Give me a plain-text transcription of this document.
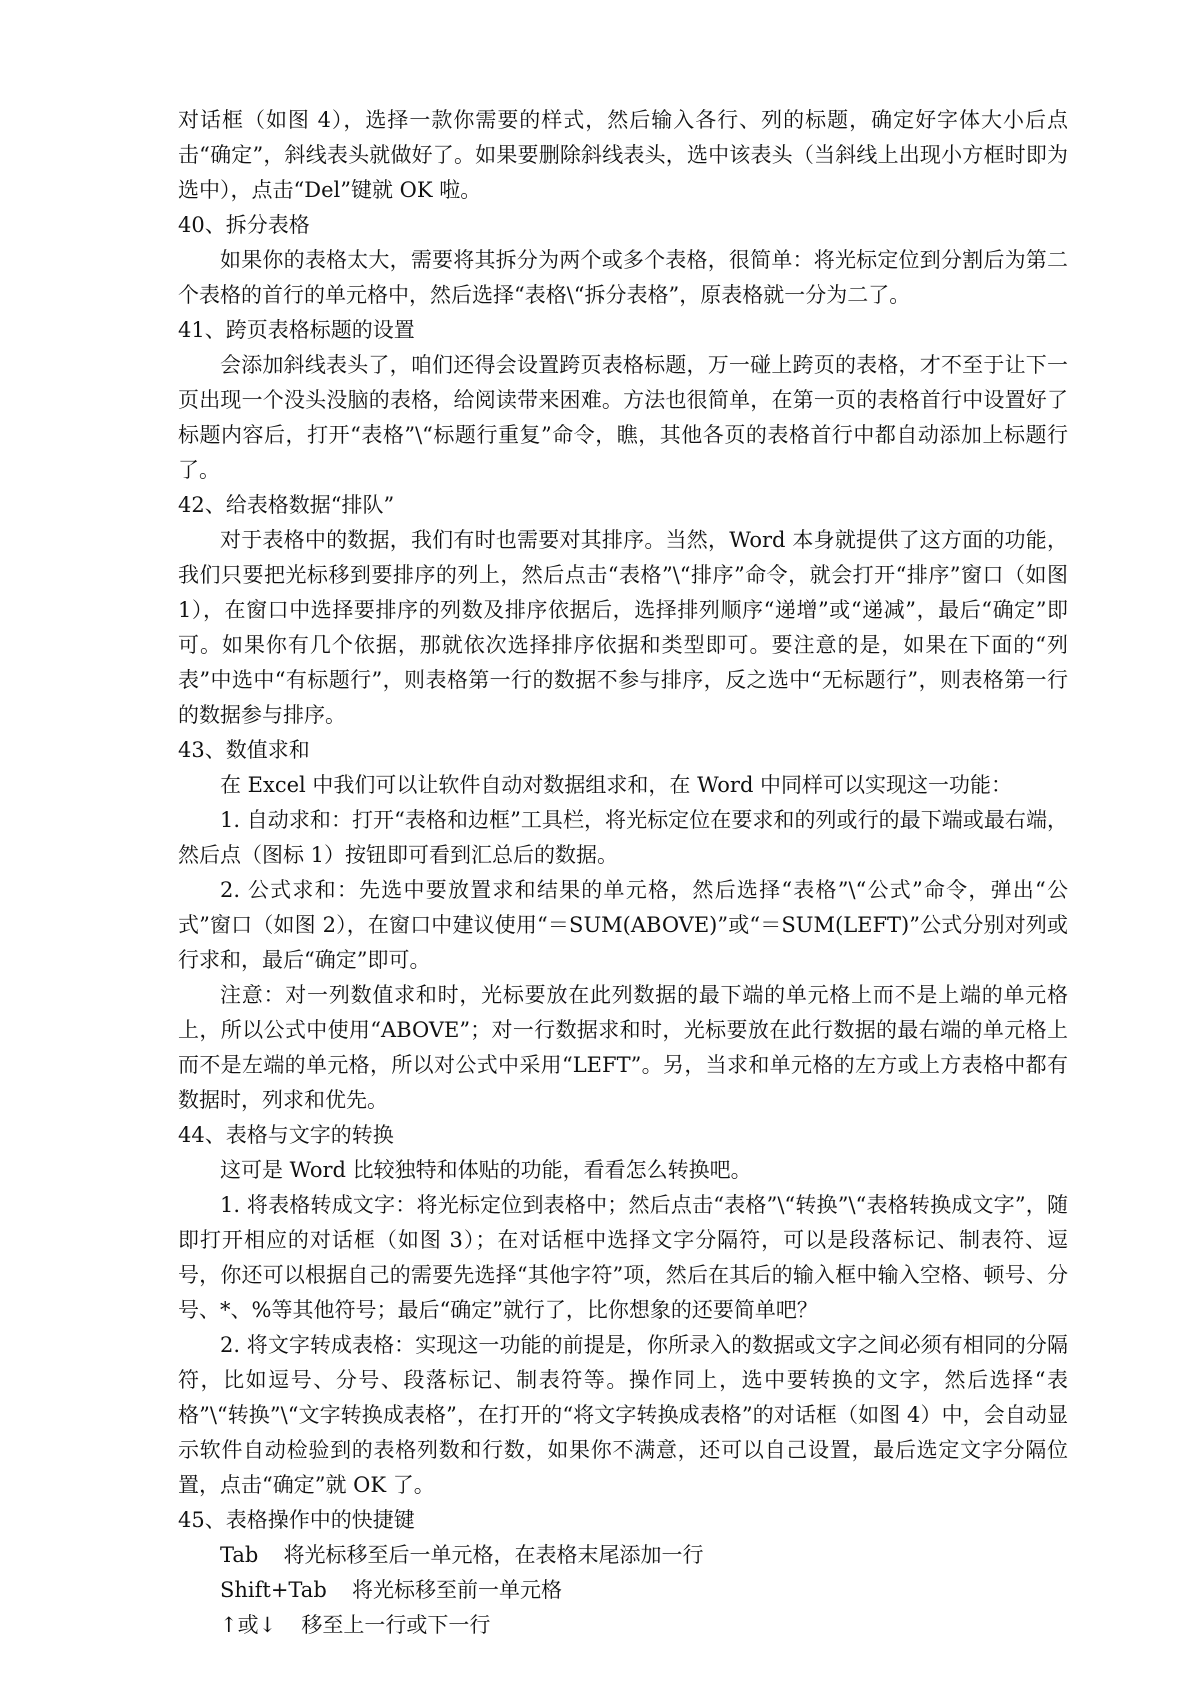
对话框（如图 4），选择一款你需要的样式，然后输入各行、列的标题，确定好字体大小后点击“确定”，斜线表头就做好了。如果要删除斜线表头，选中该表头（当斜线上出现小方框时即为选中），点击“Del”键就 OK 啦。

40、拆分表格

如果你的表格太大，需要将其拆分为两个或多个表格，很简单：将光标定位到分割后为第二个表格的首行的单元格中，然后选择“表格\“拆分表格”，原表格就一分为二了。

41、跨页表格标题的设置

会添加斜线表头了，咱们还得会设置跨页表格标题，万一碰上跨页的表格，才不至于让下一页出现一个没头没脑的表格，给阅读带来困难。方法也很简单，在第一页的表格首行中设置好了标题内容后，打开“表格”\“标题行重复”命令，瞧，其他各页的表格首行中都自动添加上标题行了。

42、给表格数据“排队”

对于表格中的数据，我们有时也需要对其排序。当然，Word 本身就提供了这方面的功能，我们只要把光标移到要排序的列上，然后点击“表格”\“排序”命令，就会打开“排序”窗口（如图 1），在窗口中选择要排序的列数及排序依据后，选择排列顺序“递增”或“递减”，最后“确定”即可。如果你有几个依据，那就依次选择排序依据和类型即可。要注意的是，如果在下面的“列表”中选中“有标题行”，则表格第一行的数据不参与排序，反之选中“无标题行”，则表格第一行的数据参与排序。

43、数值求和

在 Excel 中我们可以让软件自动对数据组求和，在 Word 中同样可以实现这一功能：

1. 自动求和：打开“表格和边框”工具栏，将光标定位在要求和的列或行的最下端或最右端，然后点（图标 1）按钮即可看到汇总后的数据。

2. 公式求和：先选中要放置求和结果的单元格，然后选择“表格”\“公式”命令，弹出“公式”窗口（如图 2），在窗口中建议使用“＝SUM(ABOVE)”或“＝SUM(LEFT)”公式分别对列或行求和，最后“确定”即可。

注意：对一列数值求和时，光标要放在此列数据的最下端的单元格上而不是上端的单元格上，所以公式中使用“ABOVE”；对一行数据求和时，光标要放在此行数据的最右端的单元格上而不是左端的单元格，所以对公式中采用“LEFT”。另，当求和单元格的左方或上方表格中都有数据时，列求和优先。

44、表格与文字的转换

这可是 Word 比较独特和体贴的功能，看看怎么转换吧。

1. 将表格转成文字：将光标定位到表格中；然后点击“表格”\“转换”\“表格转换成文字”，随即打开相应的对话框（如图 3）；在对话框中选择文字分隔符，可以是段落标记、制表符、逗号，你还可以根据自己的需要先选择“其他字符”项，然后在其后的输入框中输入空格、顿号、分号、*、%等其他符号；最后“确定”就行了，比你想象的还要简单吧？

2. 将文字转成表格：实现这一功能的前提是，你所录入的数据或文字之间必须有相同的分隔符，比如逗号、分号、段落标记、制表符等。操作同上，选中要转换的文字，然后选择“表格”\“转换”\“文字转换成表格”，在打开的“将文字转换成表格”的对话框（如图 4）中，会自动显示软件自动检验到的表格列数和行数，如果你不满意，还可以自己设置，最后选定文字分隔位置，点击“确定”就 OK 了。

45、表格操作中的快捷键

Tab 将光标移至后一单元格，在表格末尾添加一行

Shift+Tab 将光标移至前一单元格

↑或↓ 移至上一行或下一行
